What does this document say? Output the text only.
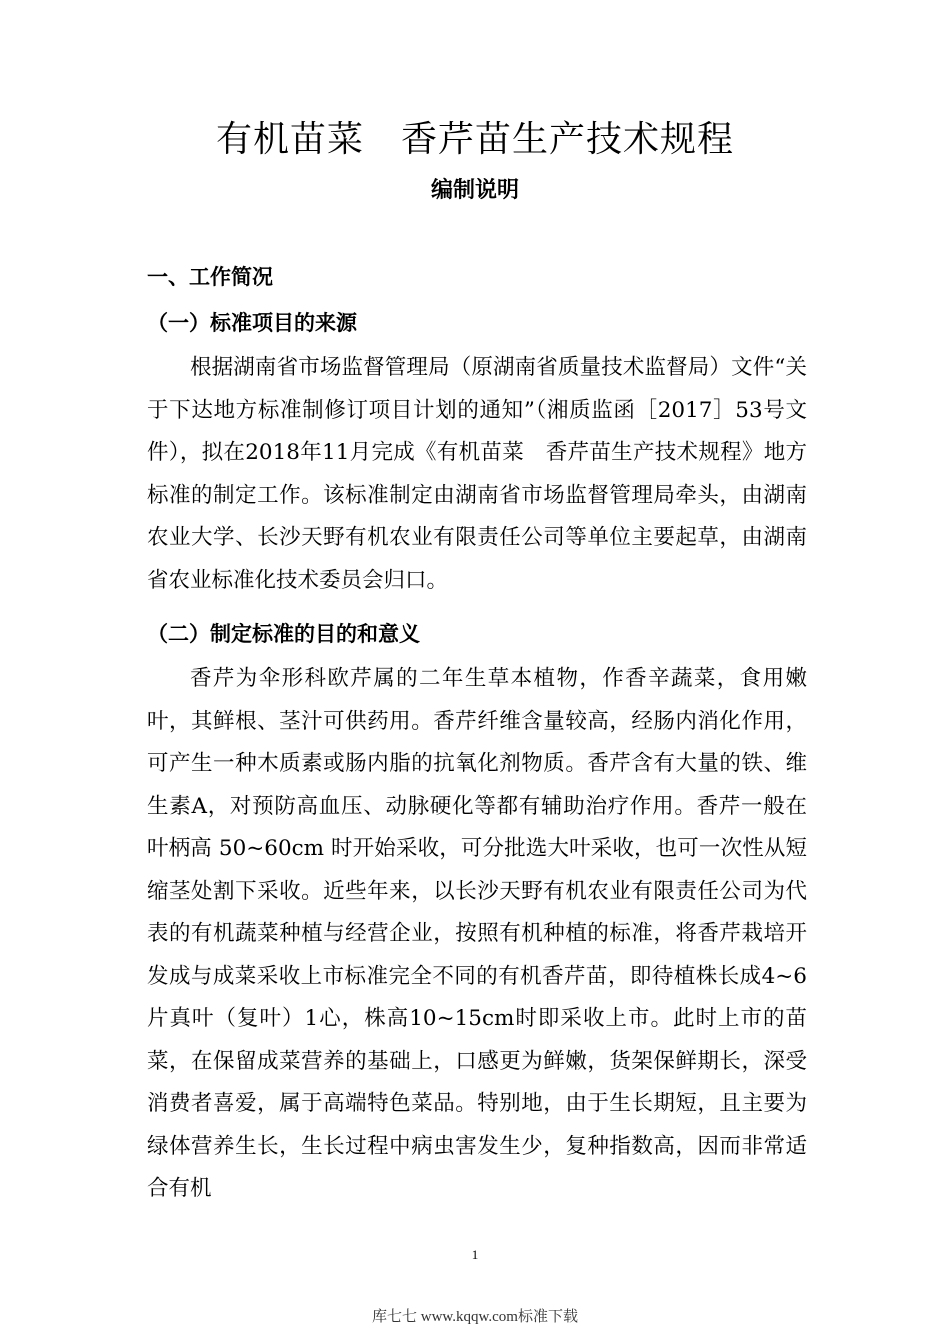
有机苗菜　香芹苗生产技术规程
编制说明
一、工作简况
（一）标准项目的来源
根据湖南省市场监督管理局（原湖南省质量技术监督局）文件“关于下达地方标准制修订项目计划的通知”（湘质监函［2017］53号文件），拟在2018年11月完成《有机苗菜　香芹苗生产技术规程》地方标准的制定工作。该标准制定由湖南省市场监督管理局牵头，由湖南农业大学、长沙天野有机农业有限责任公司等单位主要起草，由湖南省农业标准化技术委员会归口。
（二）制定标准的目的和意义
香芹为伞形科欧芹属的二年生草本植物，作香辛蔬菜，食用嫩叶，其鲜根、茎汁可供药用。香芹纤维含量较高，经肠内消化作用，可产生一种木质素或肠内脂的抗氧化剂物质。香芹含有大量的铁、维生素A，对预防高血压、动脉硬化等都有辅助治疗作用。香芹一般在叶柄高 50~60cm 时开始采收，可分批选大叶采收，也可一次性从短缩茎处割下采收。近些年来，以长沙天野有机农业有限责任公司为代表的有机蔬菜种植与经营企业，按照有机种植的标准，将香芹栽培开发成与成菜采收上市标准完全不同的有机香芹苗，即待植株长成4~6片真叶（复叶）1心，株高10~15cm时即采收上市。此时上市的苗菜，在保留成菜营养的基础上，口感更为鲜嫩，货架保鲜期长，深受消费者喜爱，属于高端特色菜品。特别地，由于生长期短，且主要为绿体营养生长，生长过程中病虫害发生少，复种指数高，因而非常适合有机
1
库七七 www.kqqw.com标准下载
